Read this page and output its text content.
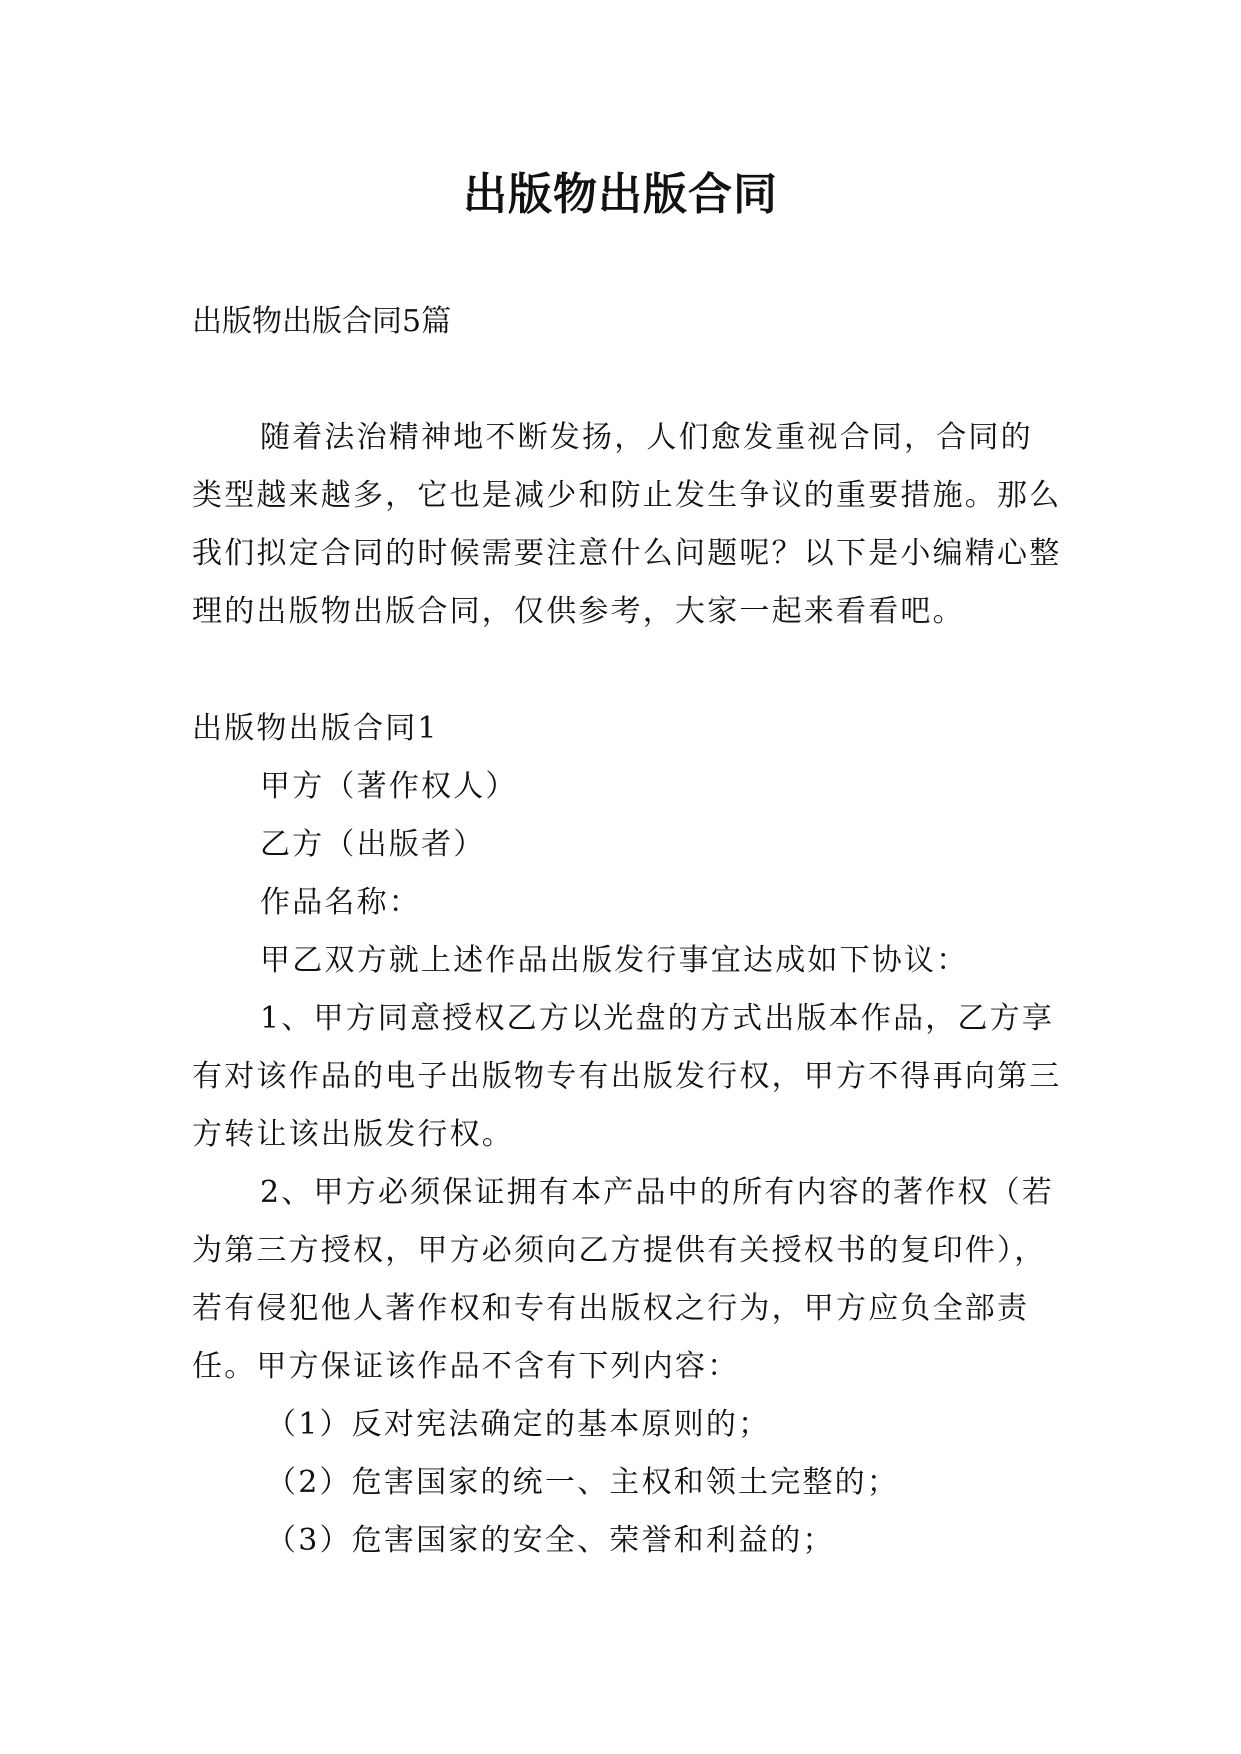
出版物出版合同

出版物出版合同5篇

随着法治精神地不断发扬，人们愈发重视合同，合同的类型越来越多，它也是减少和防止发生争议的重要措施。那么我们拟定合同的时候需要注意什么问题呢？以下是小编精心整理的出版物出版合同，仅供参考，大家一起来看看吧。

出版物出版合同1

甲方（著作权人）

乙方（出版者）

作品名称：

甲乙双方就上述作品出版发行事宜达成如下协议：

1、甲方同意授权乙方以光盘的方式出版本作品，乙方享有对该作品的电子出版物专有出版发行权，甲方不得再向第三方转让该出版发行权。

2、甲方必须保证拥有本产品中的所有内容的著作权（若为第三方授权，甲方必须向乙方提供有关授权书的复印件），若有侵犯他人著作权和专有出版权之行为，甲方应负全部责任。甲方保证该作品不含有下列内容：

（1）反对宪法确定的基本原则的；

（2）危害国家的统一、主权和领土完整的；

（3）危害国家的安全、荣誉和利益的；
